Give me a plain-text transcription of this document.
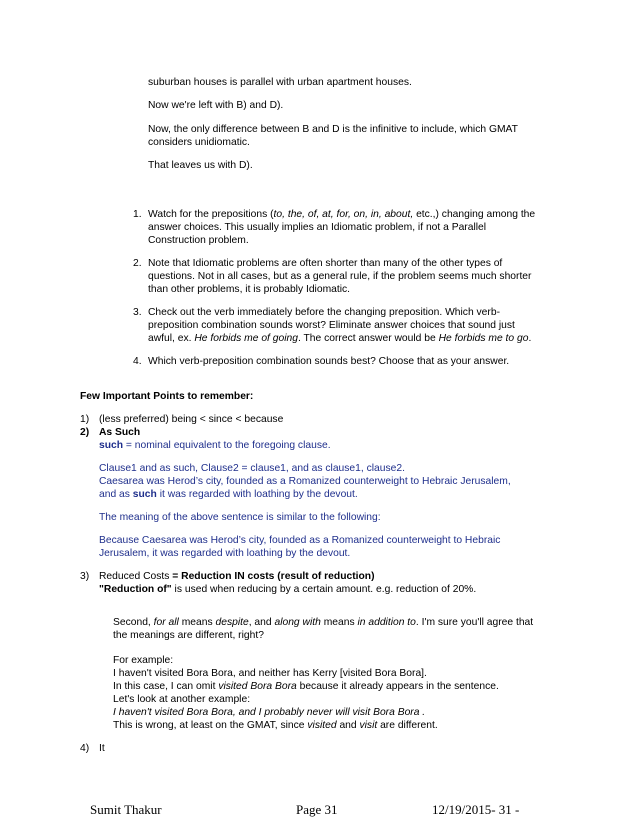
suburban houses is parallel with urban apartment houses.
Now we're left with B) and D).
Now, the only difference between B and D is the infinitive to include, which GMAT
considers unidiomatic.
That leaves us with D).
1. Watch for the prepositions (to, the, of, at, for, on, in, about, etc.,) changing among the
answer choices. This usually implies an Idiomatic problem, if not a Parallel
Construction problem.
2. Note that Idiomatic problems are often shorter than many of the other types of
questions. Not in all cases, but as a general rule, if the problem seems much shorter
than other problems, it is probably Idiomatic.
3. Check out the verb immediately before the changing preposition. Which verb-
preposition combination sounds worst? Eliminate answer choices that sound just
awful, ex. He forbids me of going. The correct answer would be He forbids me to go.
4. Which verb-preposition combination sounds best? Choose that as your answer.
Few Important Points to remember:
1) (less preferred) being < since < because
2) As Such
such = nominal equivalent to the foregoing clause.
Clause1 and as such, Clause2 = clause1, and as clause1, clause2.
Caesarea was Herod’s city, founded as a Romanized counterweight to Hebraic Jerusalem,
and as such it was regarded with loathing by the devout.
The meaning of the above sentence is similar to the following:
Because Caesarea was Herod’s city, founded as a Romanized counterweight to Hebraic
Jerusalem, it was regarded with loathing by the devout.
3) Reduced Costs = Reduction IN costs (result of reduction)
"Reduction of" is used when reducing by a certain amount. e.g. reduction of 20%.
Second, for all means despite, and along with means in addition to. I'm sure you'll agree that
the meanings are different, right?
For example:
I haven't visited Bora Bora, and neither has Kerry [visited Bora Bora].
In this case, I can omit visited Bora Bora because it already appears in the sentence.
Let's look at another example:
I haven't visited Bora Bora, and I probably never will visit Bora Bora .
This is wrong, at least on the GMAT, since visited and visit are different.
4) It
Sumit Thakur	Page 31	12/19/2015- 31 -
